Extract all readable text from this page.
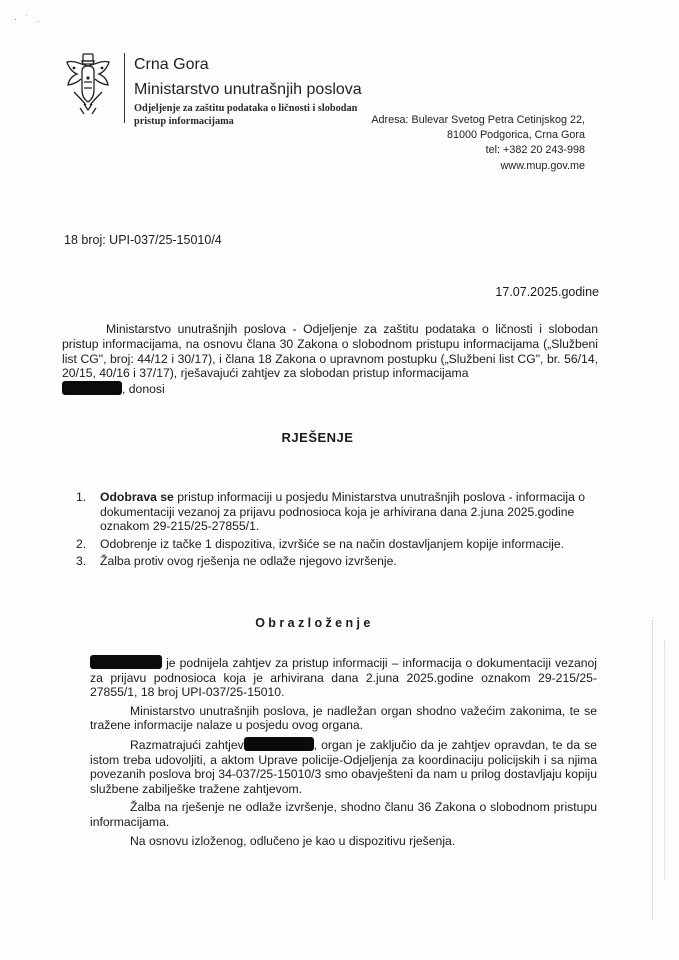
· ˙ .
Crna Gora
Ministarstvo unutrašnjih poslova
Odjeljenje za zaštitu podataka o ličnosti i slobodan pristup informacijama	Adresa: Bulevar Svetog Petra Cetinjskog 22,
81000 Podgorica, Crna Gora
tel: +382 20 243-998
www.mup.gov.me
18 broj: UPI-037/25-15010/4
17.07.2025.godine

Ministarstvo unutrašnjih poslova - Odjeljenje za zaštitu podataka o ličnosti i slobodan pristup informacijama, na osnovu člana 30 Zakona o slobodnom pristupu informacijama („Službeni list CG", broj: 44/12 i 30/17), i člana 18 Zakona o upravnom postupku („Službeni list CG", br. 56/14, 20/15, 40/16 i 37/17), rješavajući zahtjev za slobodan pristup informacijama
, donosi

RJEŠENJE
1. Odobrava se pristup informaciji u posjedu Ministarstva unutrašnjih poslova - informacija o dokumentaciji vezanoj za prijavu podnosioca koja je arhivirana dana 2.juna 2025.godine oznakom 29-215/25-27855/1.
2. Odobrenje iz tačke 1 dispozitiva, izvršiće se na način dostavljanjem kopije informacije.
3. Žalba protiv ovog rješenja ne odlaže njegovo izvršenje.
Obrazloženje

je podnijela zahtjev za pristup informaciji – informacija o dokumentaciji vezanoj za prijavu podnosioca koja je arhivirana dana 2.juna 2025.godine oznakom 29-215/25-27855/1, 18 broj UPI-037/25-15010.

Ministarstvo unutrašnjih poslova, je nadležan organ shodno važećim zakonima, te se tražene informacije nalaze u posjedu ovog organa.

Razmatrajući zahtjev	, organ je zaključio da je zahtjev opravdan, te da se istom treba udovoljiti, a aktom Uprave policije-Odjeljenja za koordinaciju policijskih i sa njima povezanih poslova broj 34-037/25-15010/3 smo obavješteni da nam u prilog dostavljaju kopiju službene zabilješke tražene zahtjevom.

Žalba na rješenje ne odlaže izvršenje, shodno članu 36 Zakona o slobodnom pristupu informacijama.

Na osnovu izloženog, odlučeno je kao u dispozitivu rješenja.
